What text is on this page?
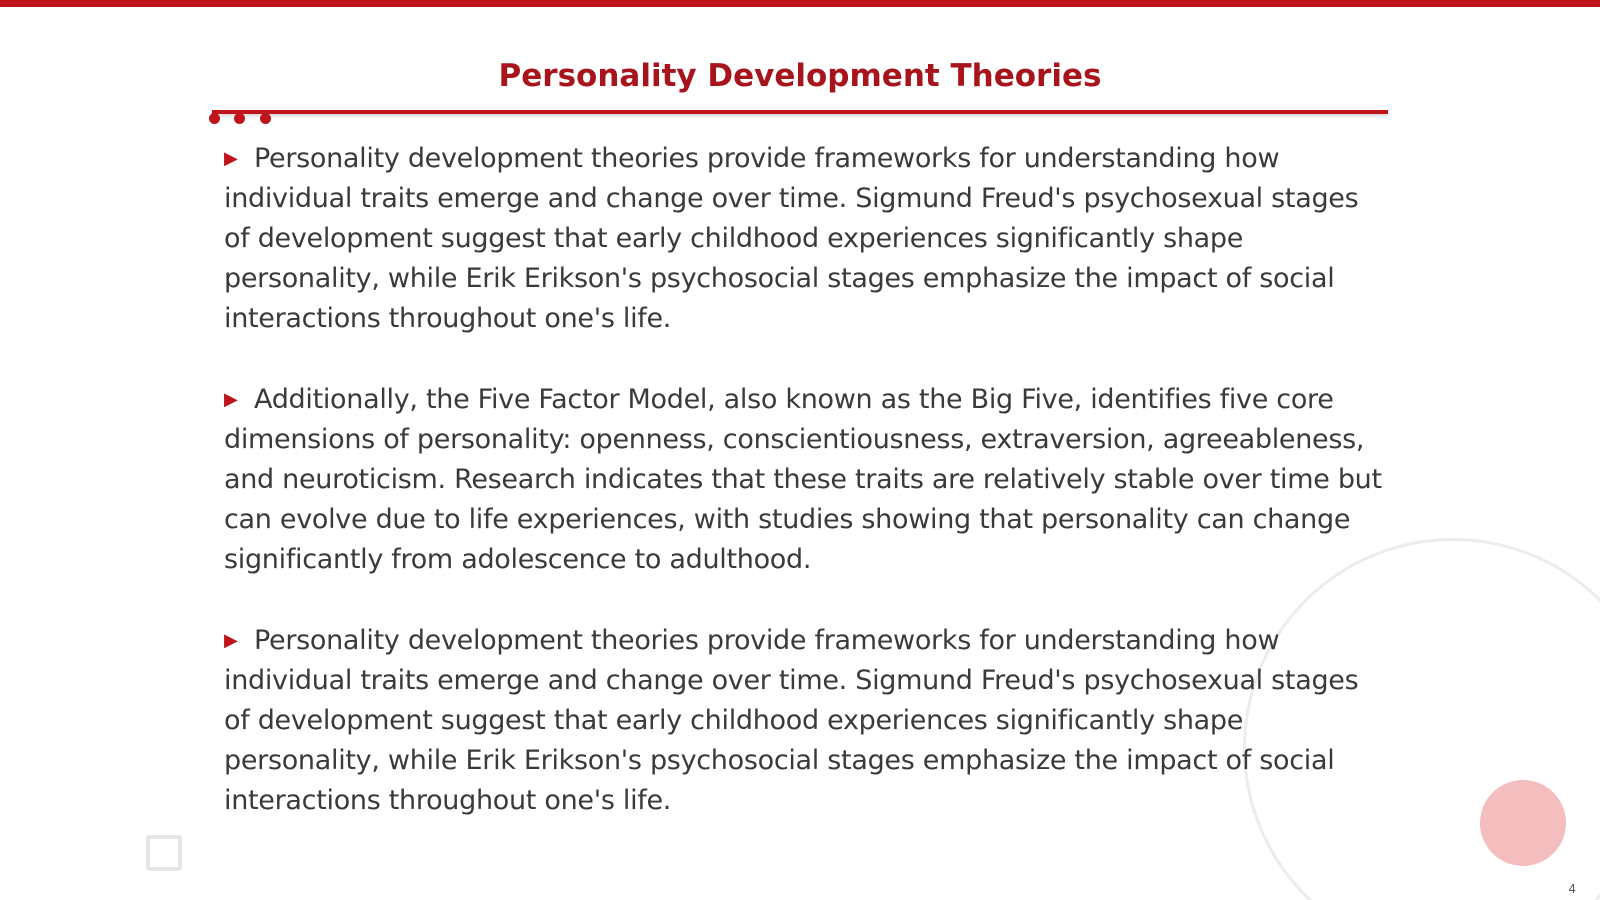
Personality Development Theories

▶ Personality development theories provide frameworks for understanding how individual traits emerge and change over time. Sigmund Freud's psychosexual stages of development suggest that early childhood experiences significantly shape personality, while Erik Erikson's psychosocial stages emphasize the impact of social interactions throughout one's life.

▶ Additionally, the Five Factor Model, also known as the Big Five, identifies five core dimensions of personality: openness, conscientiousness, extraversion, agreeableness, and neuroticism. Research indicates that these traits are relatively stable over time but can evolve due to life experiences, with studies showing that personality can change significantly from adolescence to adulthood.

▶ Personality development theories provide frameworks for understanding how individual traits emerge and change over time. Sigmund Freud's psychosexual stages of development suggest that early childhood experiences significantly shape personality, while Erik Erikson's psychosocial stages emphasize the impact of social interactions throughout one's life.

4
